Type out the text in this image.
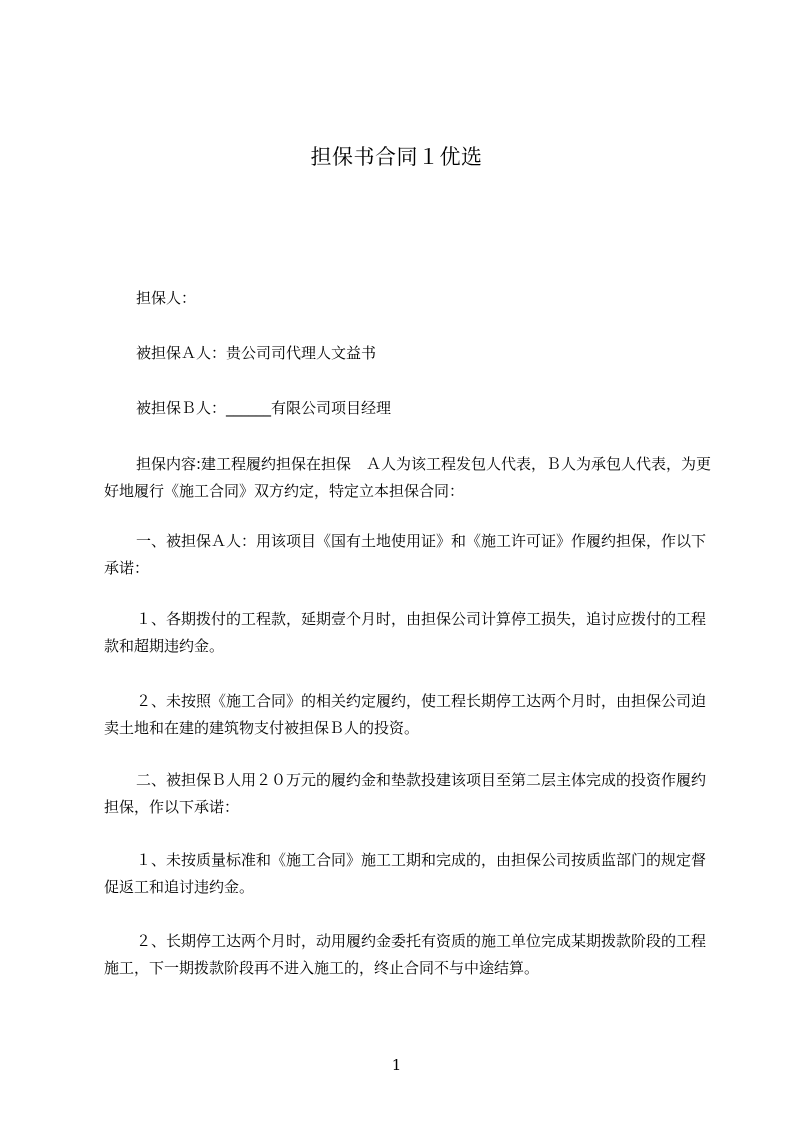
担保书合同１优选

担保人：

被担保Ａ人：贵公司司代理人文益书

被担保Ｂ人：______有限公司项目经理

担保内容:建工程履约担保在担保　Ａ人为该工程发包人代表，Ｂ人为承包人代表，为更好地履行《施工合同》双方约定，特定立本担保合同：

一、被担保Ａ人：用该项目《国有土地使用证》和《施工许可证》作履约担保，作以下承诺：

１、各期拨付的工程款，延期壹个月时，由担保公司计算停工损失，追讨应拨付的工程款和超期违约金。

２、未按照《施工合同》的相关约定履约，使工程长期停工达两个月时，由担保公司迫卖土地和在建的建筑物支付被担保Ｂ人的投资。

二、被担保Ｂ人用２０万元的履约金和垫款投建该项目至第二层主体完成的投资作履约担保，作以下承诺：

１、未按质量标准和《施工合同》施工工期和完成的，由担保公司按质监部门的规定督促返工和追讨违约金。

２、长期停工达两个月时，动用履约金委托有资质的施工单位完成某期拨款阶段的工程施工，下一期拨款阶段再不进入施工的，终止合同不与中途结算。

1
